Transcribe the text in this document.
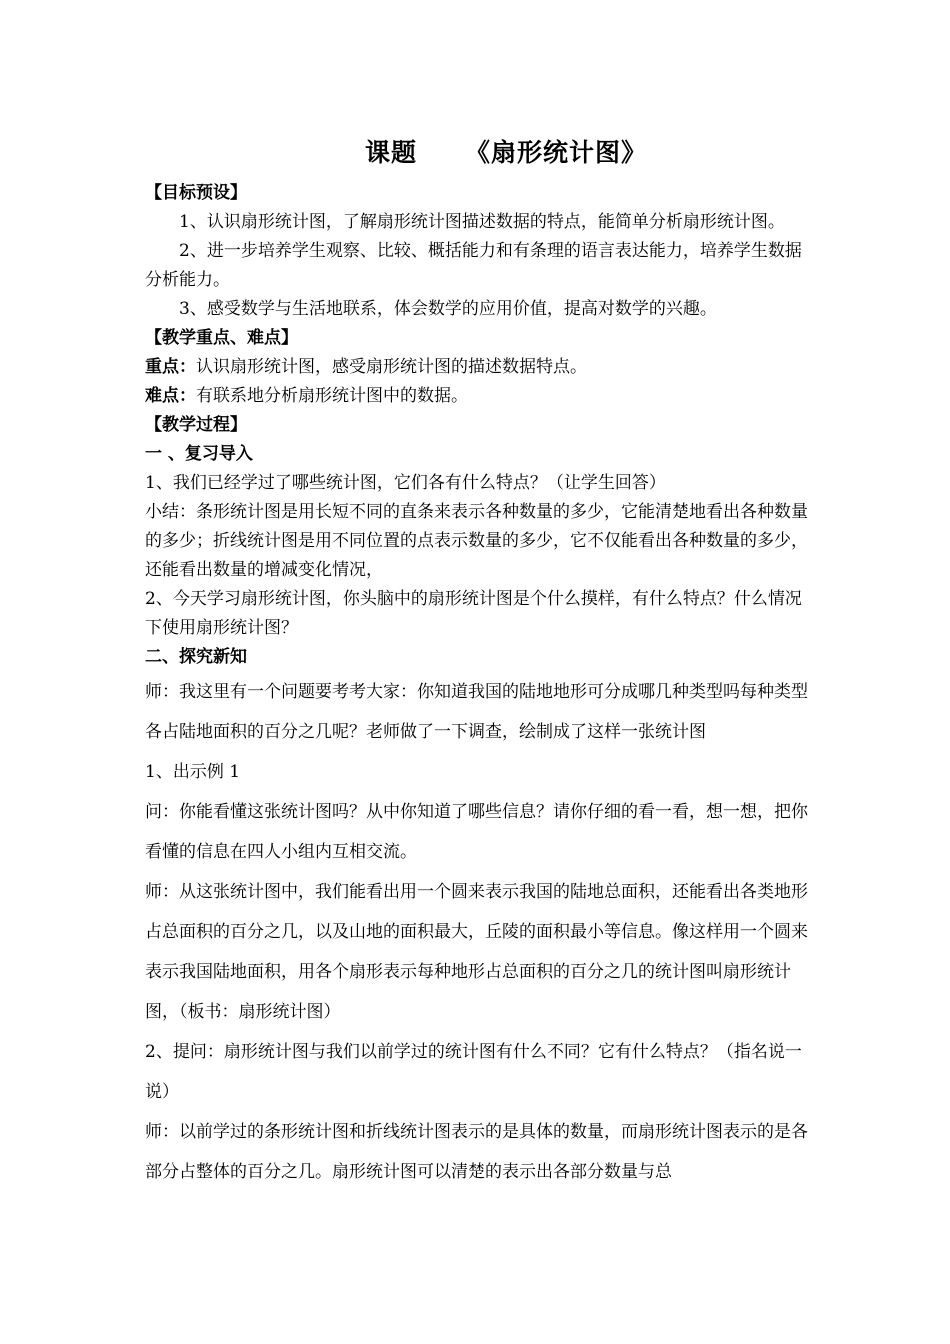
课题 《扇形统计图》

【目标预设】

1、认识扇形统计图，了解扇形统计图描述数据的特点，能简单分析扇形统计图。

2、进一步培养学生观察、比较、概括能力和有条理的语言表达能力，培养学生数据分析能力。

3、感受数学与生活地联系，体会数学的应用价值，提高对数学的兴趣。

【教学重点、难点】

重点：认识扇形统计图，感受扇形统计图的描述数据特点。

难点：有联系地分析扇形统计图中的数据。

【教学过程】

一 、复习导入

1、我们已经学过了哪些统计图，它们各有什么特点？（让学生回答）

小结：条形统计图是用长短不同的直条来表示各种数量的多少，它能清楚地看出各种数量的多少；折线统计图是用不同位置的点表示数量的多少，它不仅能看出各种数量的多少，还能看出数量的增减变化情况，

2、今天学习扇形统计图，你头脑中的扇形统计图是个什么摸样，有什么特点？什么情况下使用扇形统计图？

二、探究新知

师：我这里有一个问题要考考大家：你知道我国的陆地地形可分成哪几种类型吗每种类型各占陆地面积的百分之几呢？老师做了一下调查，绘制成了这样一张统计图

1、出示例 1

问：你能看懂这张统计图吗？从中你知道了哪些信息？请你仔细的看一看，想一想，把你看懂的信息在四人小组内互相交流。

师：从这张统计图中，我们能看出用一个圆来表示我国的陆地总面积，还能看出各类地形占总面积的百分之几，以及山地的面积最大，丘陵的面积最小等信息。像这样用一个圆来表示我国陆地面积，用各个扇形表示每种地形占总面积的百分之几的统计图叫扇形统计图，（板书：扇形统计图）

2、提问：扇形统计图与我们以前学过的统计图有什么不同？它有什么特点？（指名说一说）

师：以前学过的条形统计图和折线统计图表示的是具体的数量，而扇形统计图表示的是各部分占整体的百分之几。扇形统计图可以清楚的表示出各部分数量与总
